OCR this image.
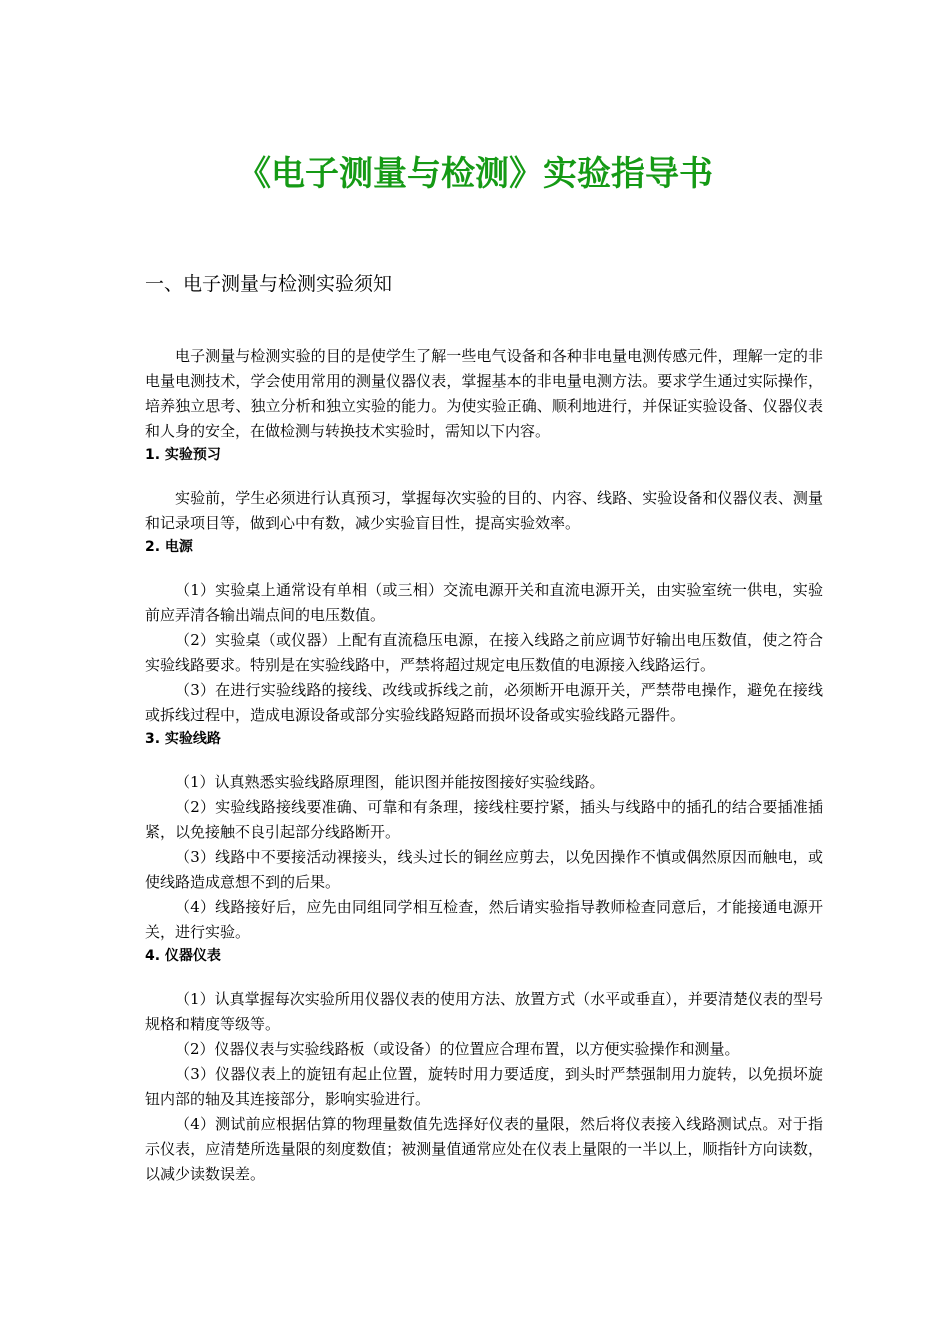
《电子测量与检测》实验指导书
一、电子测量与检测实验须知

电子测量与检测实验的目的是使学生了解一些电气设备和各种非电量电测传感元件，理解一定的非电量电测技术，学会使用常用的测量仪器仪表，掌握基本的非电量电测方法。要求学生通过实际操作，培养独立思考、独立分析和独立实验的能力。为使实验正确、顺利地进行，并保证实验设备、仪器仪表和人身的安全，在做检测与转换技术实验时，需知以下内容。

1. 实验预习

实验前，学生必须进行认真预习，掌握每次实验的目的、内容、线路、实验设备和仪器仪表、测量和记录项目等，做到心中有数，减少实验盲目性，提高实验效率。

2. 电源

（1）实验桌上通常设有单相（或三相）交流电源开关和直流电源开关，由实验室统一供电，实验前应弄清各输出端点间的电压数值。

（2）实验桌（或仪器）上配有直流稳压电源，在接入线路之前应调节好输出电压数值，使之符合实验线路要求。特别是在实验线路中，严禁将超过规定电压数值的电源接入线路运行。

（3）在进行实验线路的接线、改线或拆线之前，必须断开电源开关，严禁带电操作，避免在接线或拆线过程中，造成电源设备或部分实验线路短路而损坏设备或实验线路元器件。

3. 实验线路

（1）认真熟悉实验线路原理图，能识图并能按图接好实验线路。

（2）实验线路接线要准确、可靠和有条理，接线柱要拧紧，插头与线路中的插孔的结合要插准插紧，以免接触不良引起部分线路断开。

（3）线路中不要接活动裸接头，线头过长的铜丝应剪去，以免因操作不慎或偶然原因而触电，或使线路造成意想不到的后果。

（4）线路接好后，应先由同组同学相互检查，然后请实验指导教师检查同意后，才能接通电源开关，进行实验。

4. 仪器仪表

（1）认真掌握每次实验所用仪器仪表的使用方法、放置方式（水平或垂直），并要清楚仪表的型号规格和精度等级等。

（2）仪器仪表与实验线路板（或设备）的位置应合理布置，以方便实验操作和测量。

（3）仪器仪表上的旋钮有起止位置，旋转时用力要适度，到头时严禁强制用力旋转，以免损坏旋钮内部的轴及其连接部分，影响实验进行。

（4）测试前应根据估算的物理量数值先选择好仪表的量限，然后将仪表接入线路测试点。对于指示仪表，应清楚所选量限的刻度数值；被测量值通常应处在仪表上量限的一半以上，顺指针方向读数，以减少读数误差。
